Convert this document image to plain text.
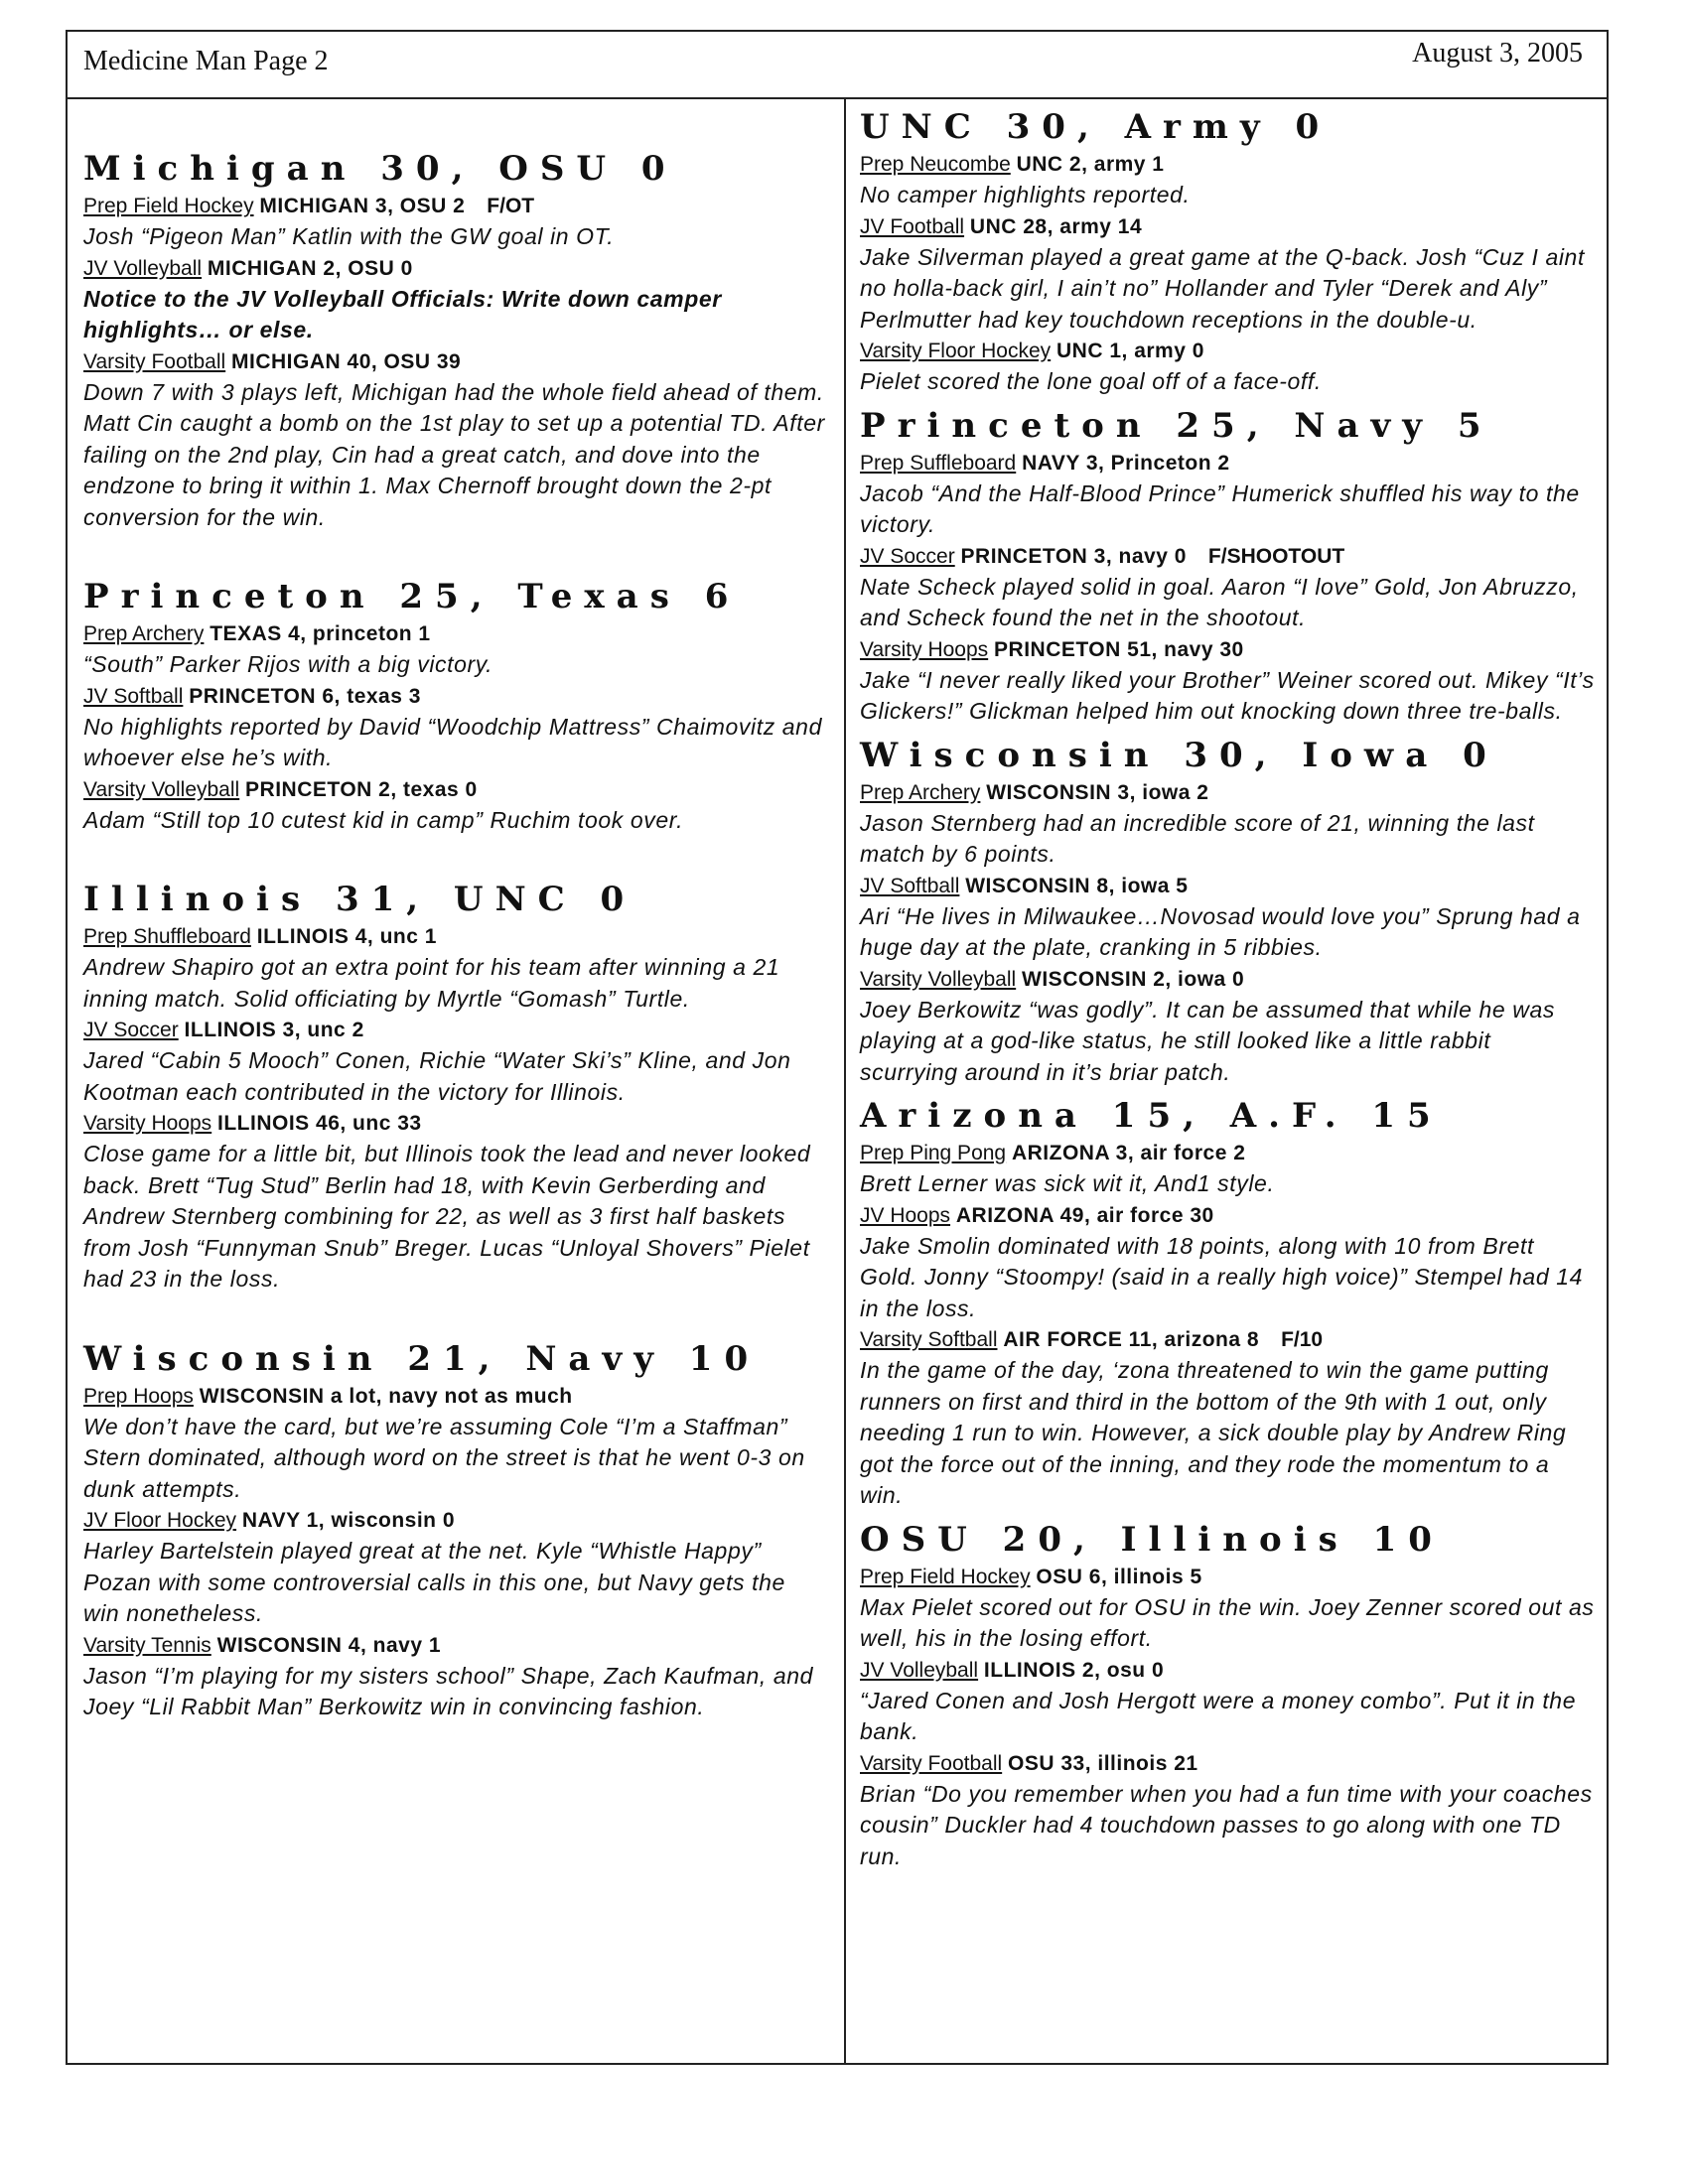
Medicine Man Page 2	August 3, 2005
Michigan 30, OSU 0
Prep Field Hockey MICHIGAN 3, OSU 2 F/OT

Josh “Pigeon Man” Katlin with the GW goal in OT.

JV Volleyball MICHIGAN 2, OSU 0

Notice to the JV Volleyball Officials: Write down camper highlights… or else.

Varsity Football MICHIGAN 40, OSU 39

Down 7 with 3 plays left, Michigan had the whole field ahead of them. Matt Cin caught a bomb on the 1st play to set up a potential TD. After failing on the 2nd play, Cin had a great catch, and dove into the endzone to bring it within 1. Max Chernoff brought down the 2-pt conversion for the win.

Princeton 25, Texas 6
Prep Archery TEXAS 4, princeton 1

“South” Parker Rijos with a big victory.

JV Softball PRINCETON 6, texas 3

No highlights reported by David “Woodchip Mattress” Chaimovitz and whoever else he’s with.

Varsity Volleyball PRINCETON 2, texas 0

Adam “Still top 10 cutest kid in camp” Ruchim took over.

Illinois 31, UNC 0
Prep Shuffleboard ILLINOIS 4, unc 1

Andrew Shapiro got an extra point for his team after winning a 21 inning match. Solid officiating by Myrtle “Gomash” Turtle.

JV Soccer ILLINOIS 3, unc 2

Jared “Cabin 5 Mooch” Conen, Richie “Water Ski’s” Kline, and Jon Kootman each contributed in the victory for Illinois.

Varsity Hoops ILLINOIS 46, unc 33

Close game for a little bit, but Illinois took the lead and never looked back. Brett “Tug Stud” Berlin had 18, with Kevin Gerberding and Andrew Sternberg combining for 22, as well as 3 first half baskets from Josh “Funnyman Snub” Breger. Lucas “Unloyal Shovers” Pielet had 23 in the loss.

Wisconsin 21, Navy 10
Prep Hoops WISCONSIN a lot, navy not as much

We don’t have the card, but we’re assuming Cole “I’m a Staffman” Stern dominated, although word on the street is that he went 0-3 on dunk attempts.

JV Floor Hockey NAVY 1, wisconsin 0

Harley Bartelstein played great at the net. Kyle “Whistle Happy” Pozan with some controversial calls in this one, but Navy gets the win nonetheless.

Varsity Tennis WISCONSIN 4, navy 1

Jason “I’m playing for my sisters school” Shape, Zach Kaufman, and Joey “Lil Rabbit Man” Berkowitz win in convincing fashion.

UNC 30, Army 0
Prep Neucombe UNC 2, army 1

No camper highlights reported.

JV Football UNC 28, army 14

Jake Silverman played a great game at the Q-back. Josh “Cuz I aint no holla-back girl, I ain’t no” Hollander and Tyler “Derek and Aly” Perlmutter had key touchdown receptions in the double-u.

Varsity Floor Hockey UNC 1, army 0

Pielet scored the lone goal off of a face-off.

Princeton 25, Navy 5
Prep Suffleboard NAVY 3, Princeton 2

Jacob “And the Half-Blood Prince” Humerick shuffled his way to the victory.

JV Soccer PRINCETON 3, navy 0 F/SHOOTOUT

Nate Scheck played solid in goal. Aaron “I love” Gold, Jon Abruzzo, and Scheck found the net in the shootout.

Varsity Hoops PRINCETON 51, navy 30

Jake “I never really liked your Brother” Weiner scored out. Mikey “It’s Glickers!” Glickman helped him out knocking down three tre-balls.

Wisconsin 30, Iowa 0
Prep Archery WISCONSIN 3, iowa 2

Jason Sternberg had an incredible score of 21, winning the last match by 6 points.

JV Softball WISCONSIN 8, iowa 5

Ari “He lives in Milwaukee…Novosad would love you” Sprung had a huge day at the plate, cranking in 5 ribbies.

Varsity Volleyball WISCONSIN 2, iowa 0

Joey Berkowitz “was godly”. It can be assumed that while he was playing at a god-like status, he still looked like a little rabbit scurrying around in it’s briar patch.

Arizona 15, A.F. 15
Prep Ping Pong ARIZONA 3, air force 2

Brett Lerner was sick wit it, And1 style.

JV Hoops ARIZONA 49, air force 30

Jake Smolin dominated with 18 points, along with 10 from Brett Gold. Jonny “Stoompy! (said in a really high voice)” Stempel had 14 in the loss.

Varsity Softball AIR FORCE 11, arizona 8 F/10

In the game of the day, ‘zona threatened to win the game putting runners on first and third in the bottom of the 9th with 1 out, only needing 1 run to win. However, a sick double play by Andrew Ring got the force out of the inning, and they rode the momentum to a win.

OSU 20, Illinois 10
Prep Field Hockey OSU 6, illinois 5

Max Pielet scored out for OSU in the win. Joey Zenner scored out as well, his in the losing effort.

JV Volleyball ILLINOIS 2, osu 0

“Jared Conen and Josh Hergott were a money combo”. Put it in the bank.

Varsity Football OSU 33, illinois 21

Brian “Do you remember when you had a fun time with your coaches cousin” Duckler had 4 touchdown passes to go along with one TD run.
